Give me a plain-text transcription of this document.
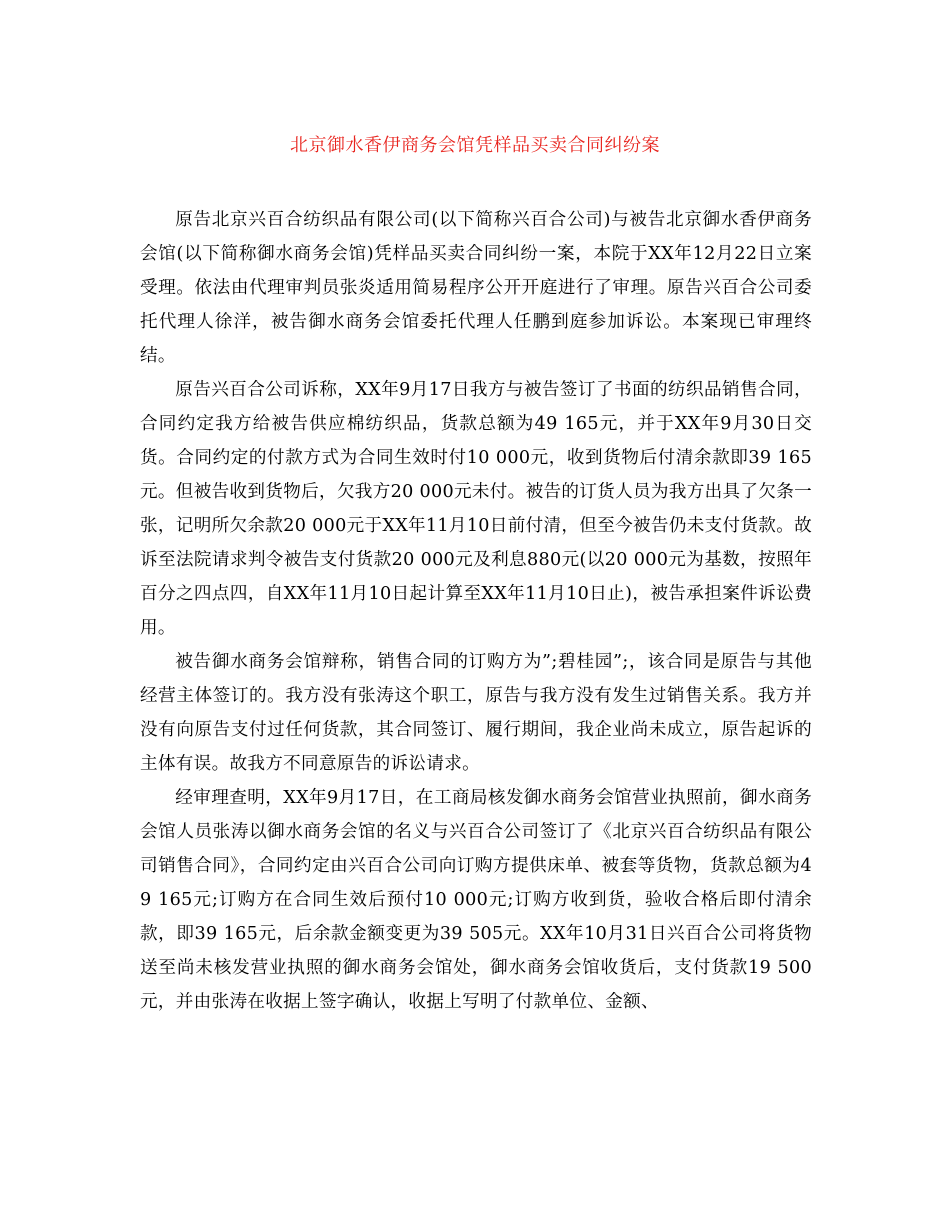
北京御水香伊商务会馆凭样品买卖合同纠纷案

原告北京兴百合纺织品有限公司(以下简称兴百合公司)与被告北京御水香伊商务会馆(以下简称御水商务会馆)凭样品买卖合同纠纷一案，本院于XX年12月22日立案受理。依法由代理审判员张炎适用简易程序公开开庭进行了审理。原告兴百合公司委托代理人徐洋，被告御水商务会馆委托代理人任鹏到庭参加诉讼。本案现已审理终结。

原告兴百合公司诉称，XX年9月17日我方与被告签订了书面的纺织品销售合同，合同约定我方给被告供应棉纺织品，货款总额为49 165元，并于XX年9月30日交货。合同约定的付款方式为合同生效时付10 000元，收到货物后付清余款即39 165元。但被告收到货物后，欠我方20 000元未付。被告的订货人员为我方出具了欠条一张，记明所欠余款20 000元于XX年11月10日前付清，但至今被告仍未支付货款。故诉至法院请求判令被告支付货款20 000元及利息880元(以20 000元为基数，按照年百分之四点四，自XX年11月10日起计算至XX年11月10日止)，被告承担案件诉讼费用。

被告御水商务会馆辩称，销售合同的订购方为”;碧桂园”;，该合同是原告与其他经营主体签订的。我方没有张涛这个职工，原告与我方没有发生过销售关系。我方并没有向原告支付过任何货款，其合同签订、履行期间，我企业尚未成立，原告起诉的主体有误。故我方不同意原告的诉讼请求。

经审理查明，XX年9月17日，在工商局核发御水商务会馆营业执照前，御水商务会馆人员张涛以御水商务会馆的名义与兴百合公司签订了《北京兴百合纺织品有限公司销售合同》，合同约定由兴百合公司向订购方提供床单、被套等货物，货款总额为49 165元;订购方在合同生效后预付10 000元;订购方收到货，验收合格后即付清余款，即39 165元，后余款金额变更为39 505元。XX年10月31日兴百合公司将货物送至尚未核发营业执照的御水商务会馆处，御水商务会馆收货后，支付货款19 500元，并由张涛在收据上签字确认，收据上写明了付款单位、金额、
